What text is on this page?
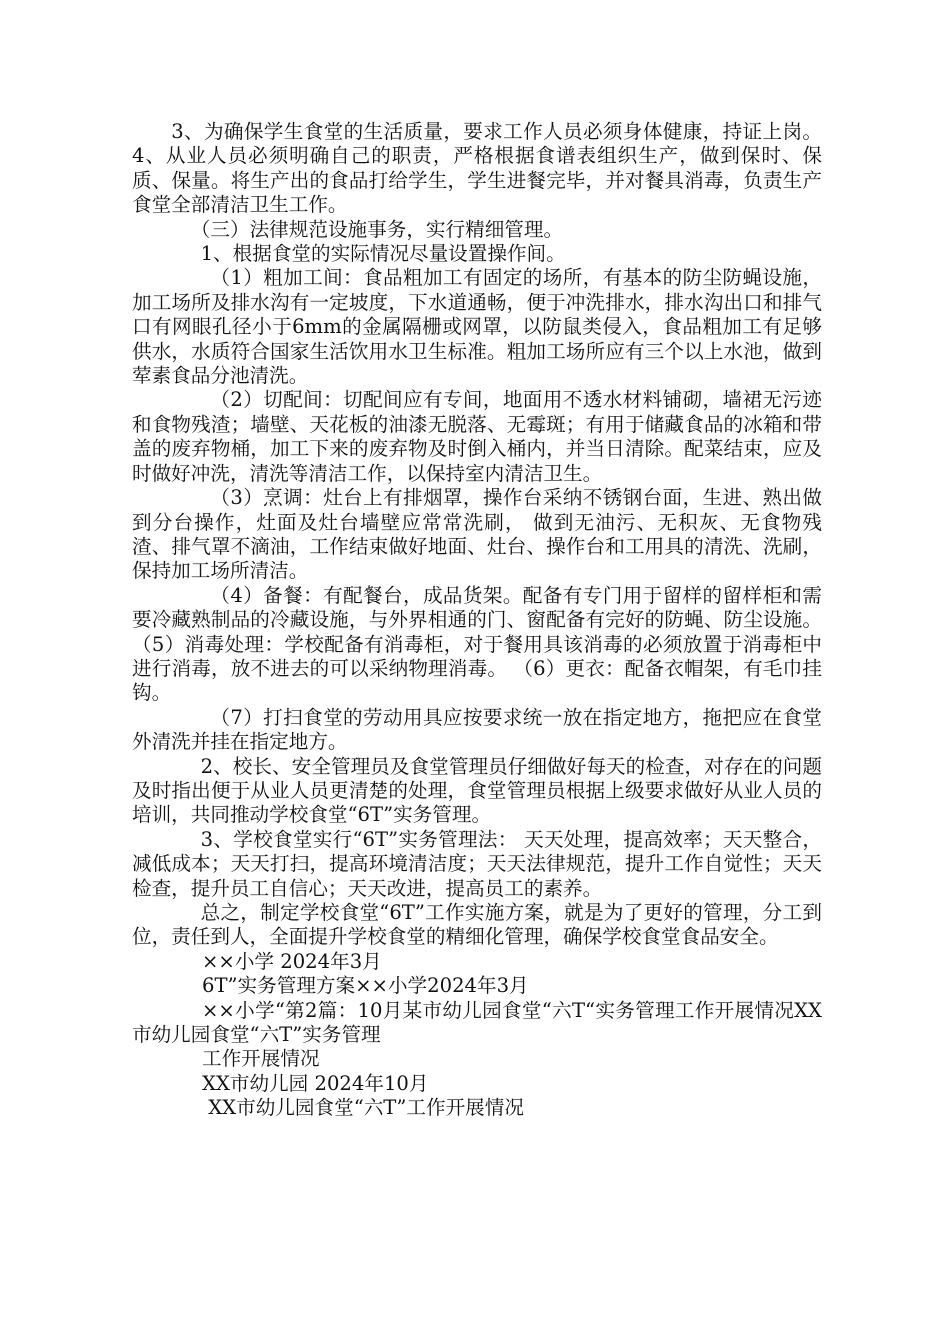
3、为确保学生食堂的生活质量，要求工作人员必须身体健康，持证上岗。 4、从业人员必须明确自己的职责，严格根据食谱表组织生产，做到保时、保质、保量。将生产出的食品打给学生，学生进餐完毕，并对餐具消毒，负责生产食堂全部清洁卫生工作。

（三）法律规范设施事务，实行精细管理。

1、根据食堂的实际情况尽量设置操作间。

（1）粗加工间：食品粗加工有固定的场所，有基本的防尘防蝇设施，加工场所及排水沟有一定坡度，下水道通畅，便于冲洗排水，排水沟出口和排气口有网眼孔径小于6mm的金属隔栅或网罩，以防鼠类侵入，食品粗加工有足够供水，水质符合国家生活饮用水卫生标准。粗加工场所应有三个以上水池，做到荤素食品分池清洗。

（2）切配间：切配间应有专间，地面用不透水材料铺砌，墙裙无污迹和食物残渣；墙壁、天花板的油漆无脱落、无霉斑；有用于储藏食品的冰箱和带盖的废弃物桶，加工下来的废弃物及时倒入桶内，并当日清除。配菜结束，应及时做好冲洗，清洗等清洁工作，以保持室内清洁卫生。

（3）烹调：灶台上有排烟罩，操作台采纳不锈钢台面，生进、熟出做到分台操作，灶面及灶台墙壁应常常洗刷， 做到无油污、无积灰、无食物残渣、排气罩不滴油，工作结束做好地面、灶台、操作台和工用具的清洗、洗刷，保持加工场所清洁。

（4）备餐：有配餐台，成品货架。配备有专门用于留样的留样柜和需要冷藏熟制品的冷藏设施，与外界相通的门、窗配备有完好的防蝇、防尘设施。 （5）消毒处理：学校配备有消毒柜，对于餐用具该消毒的必须放置于消毒柜中进行消毒，放不进去的可以采纳物理消毒。 （6）更衣：配备衣帽架，有毛巾挂钩。

（7）打扫食堂的劳动用具应按要求统一放在指定地方，拖把应在食堂外清洗并挂在指定地方。

2、校长、安全管理员及食堂管理员仔细做好每天的检查，对存在的问题及时指出便于从业人员更清楚的处理，食堂管理员根据上级要求做好从业人员的培训，共同推动学校食堂“6T”实务管理。

3、学校食堂实行“6T”实务管理法： 天天处理，提高效率；天天整合，减低成本；天天打扫，提高环境清洁度；天天法律规范，提升工作自觉性；天天检查，提升员工自信心；天天改进，提高员工的素养。

总之，制定学校食堂“6T”工作实施方案，就是为了更好的管理，分工到位，责任到人，全面提升学校食堂的精细化管理，确保学校食堂食品安全。

××小学 2024年3月
6T”实务管理方案××小学2024年3月

××小学“第2篇：10月某市幼儿园食堂“六T“实务管理工作开展情况XX市幼儿园食堂“六T”实务管理

工作开展情况
XX市幼儿园 2024年10月
XX市幼儿园食堂“六T”工作开展情况
